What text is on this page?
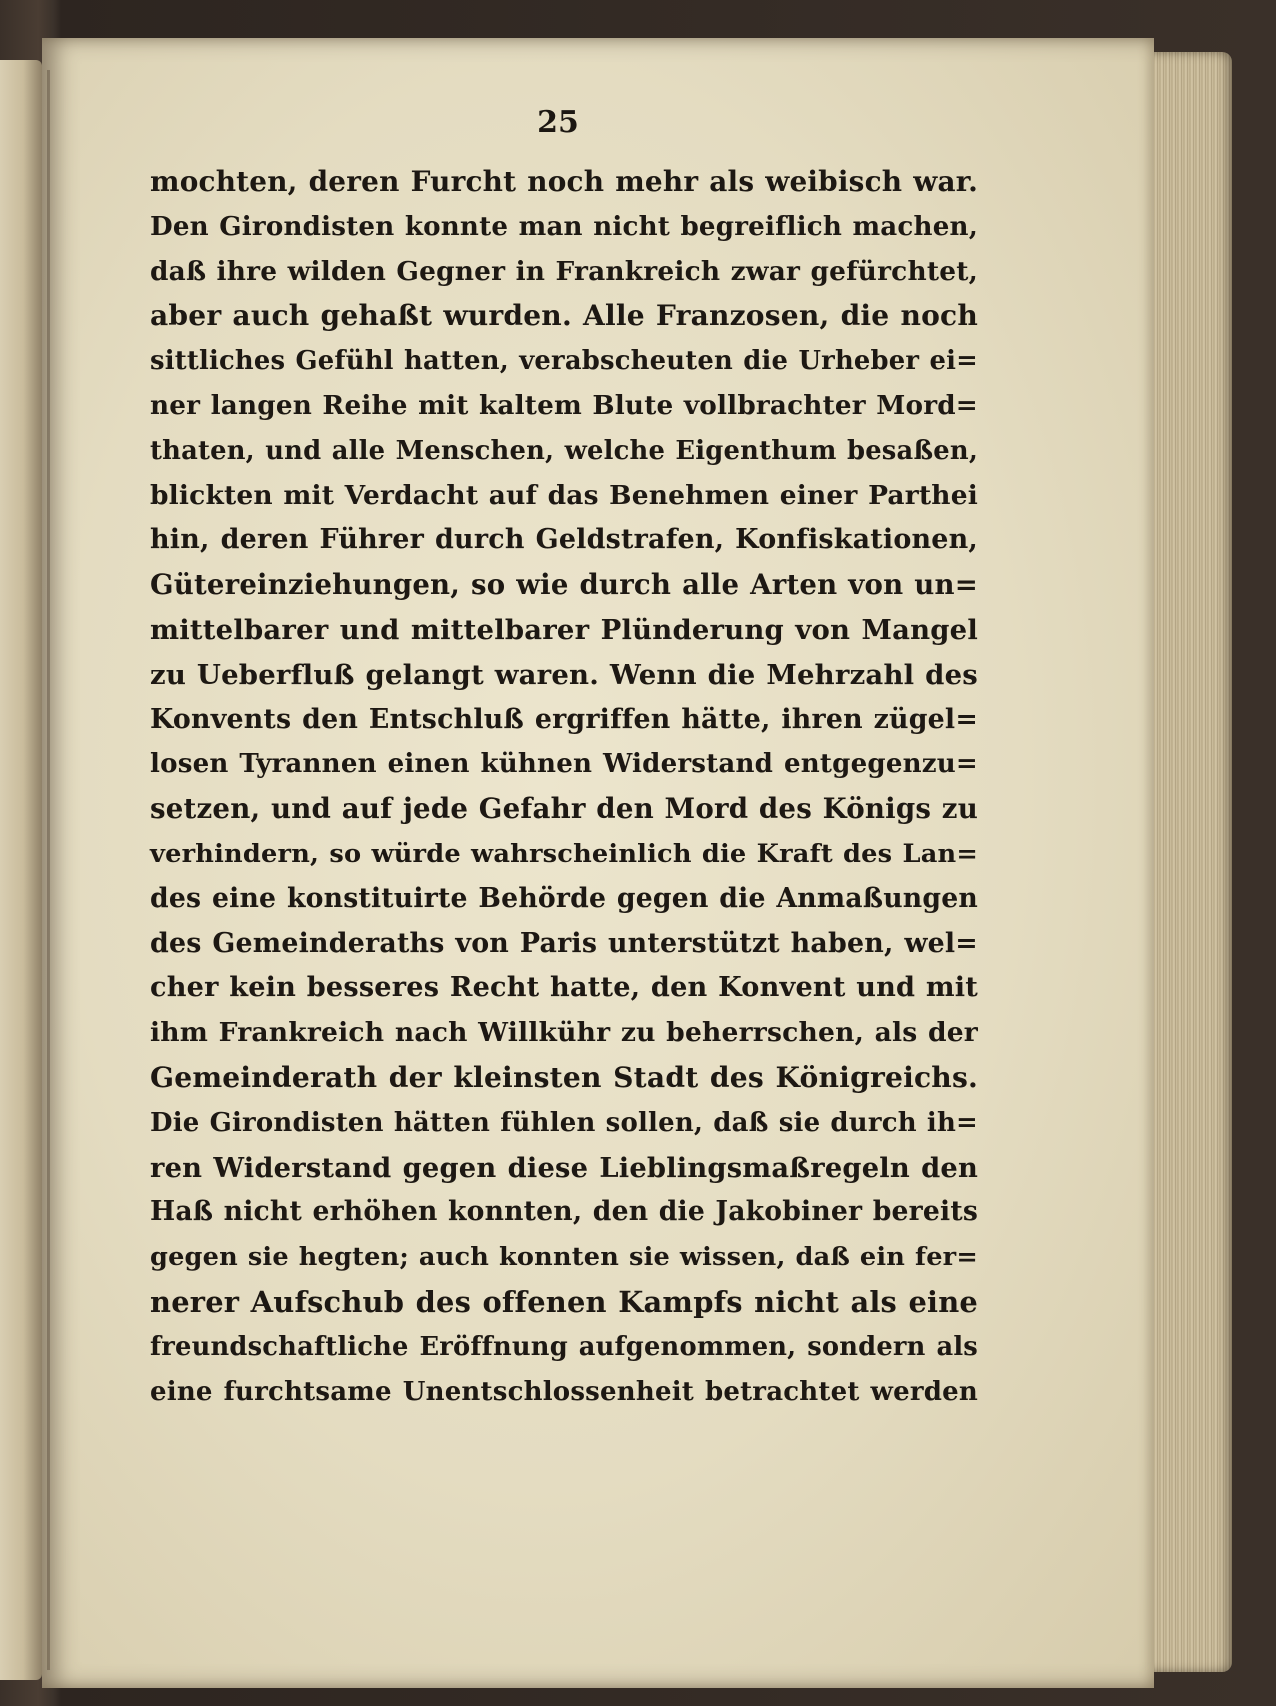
25
mochten, deren Furcht noch mehr als weibisch war.
Den Girondisten konnte man nicht begreiflich machen,
daß ihre wilden Gegner in Frankreich zwar gefürchtet,
aber auch gehaßt wurden. Alle Franzosen, die noch
sittliches Gefühl hatten, verabscheuten die Urheber ei=
ner langen Reihe mit kaltem Blute vollbrachter Mord=
thaten, und alle Menschen, welche Eigenthum besaßen,
blickten mit Verdacht auf das Benehmen einer Parthei
hin, deren Führer durch Geldstrafen, Konfiskationen,
Gütereinziehungen, so wie durch alle Arten von un=
mittelbarer und mittelbarer Plünderung von Mangel
zu Ueberfluß gelangt waren. Wenn die Mehrzahl des
Konvents den Entschluß ergriffen hätte, ihren zügel=
losen Tyrannen einen kühnen Widerstand entgegenzu=
setzen, und auf jede Gefahr den Mord des Königs zu
verhindern, so würde wahrscheinlich die Kraft des Lan=
des eine konstituirte Behörde gegen die Anmaßungen
des Gemeinderaths von Paris unterstützt haben, wel=
cher kein besseres Recht hatte, den Konvent und mit
ihm Frankreich nach Willkühr zu beherrschen, als der
Gemeinderath der kleinsten Stadt des Königreichs.
Die Girondisten hätten fühlen sollen, daß sie durch ih=
ren Widerstand gegen diese Lieblingsmaßregeln den
Haß nicht erhöhen konnten, den die Jakobiner bereits
gegen sie hegten; auch konnten sie wissen, daß ein fer=
nerer Aufschub des offenen Kampfs nicht als eine
freundschaftliche Eröffnung aufgenommen, sondern als
eine furchtsame Unentschlossenheit betrachtet werden
